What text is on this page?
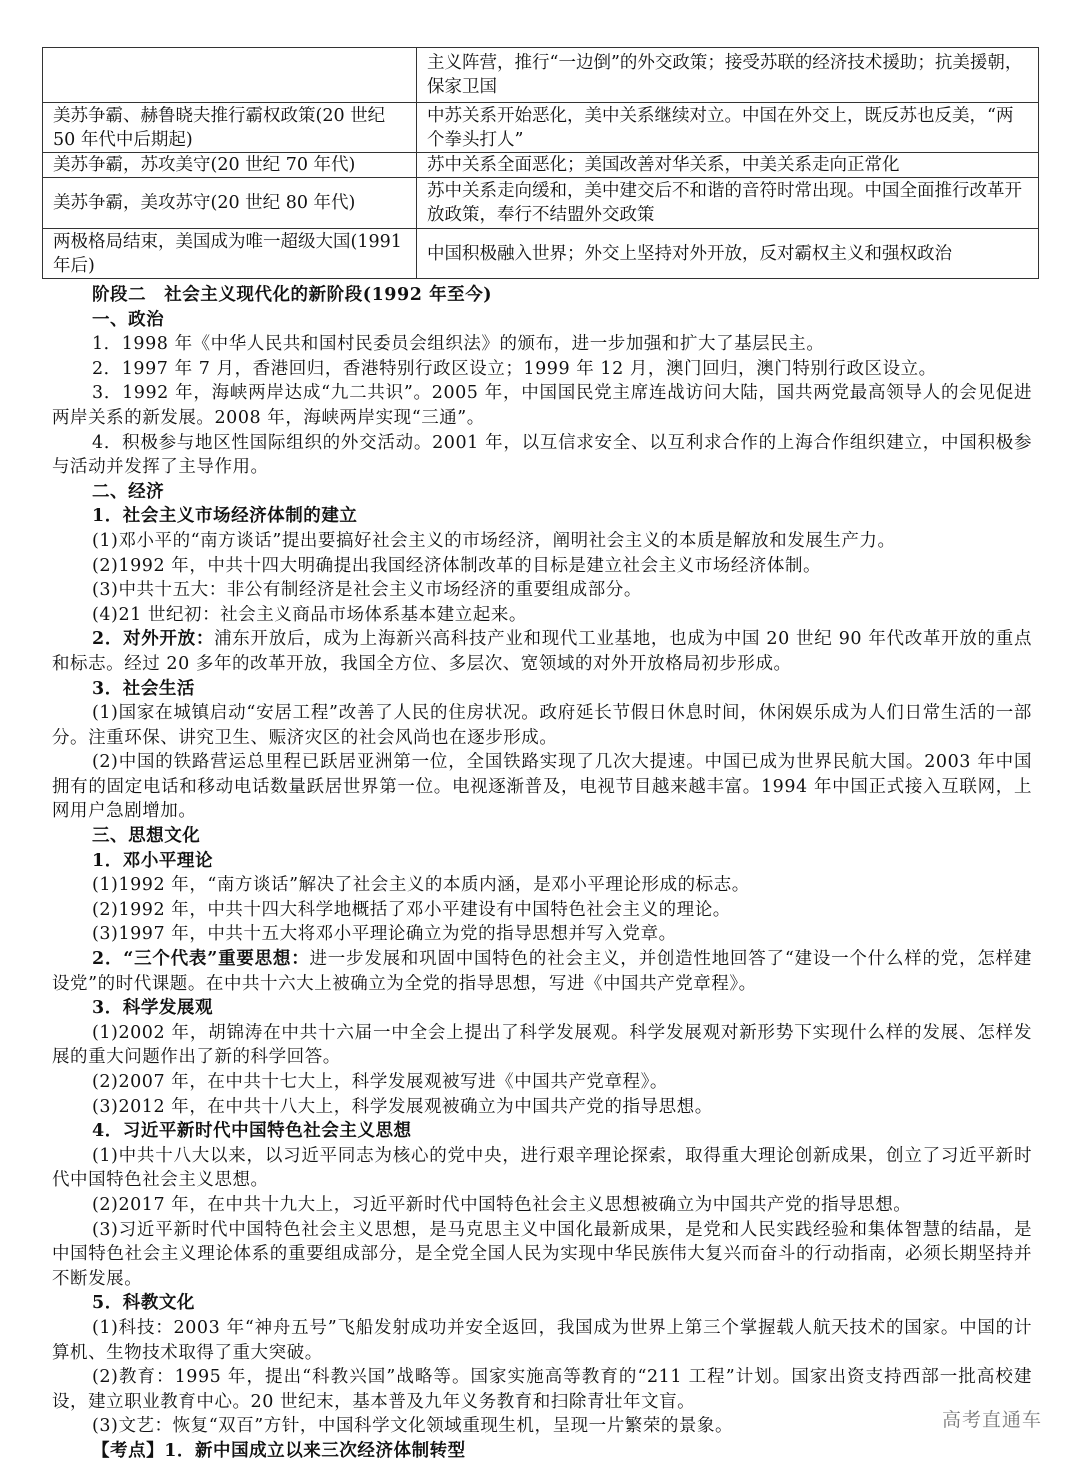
	主义阵营，推行“一边倒”的外交政策；接受苏联的经济技术援助；抗美援朝，保家卫国
美苏争霸、赫鲁晓夫推行霸权政策(20 世纪 50 年代中后期起)	中苏关系开始恶化，美中关系继续对立。中国在外交上，既反苏也反美，“两个拳头打人”
美苏争霸，苏攻美守(20 世纪 70 年代)	苏中关系全面恶化；美国改善对华关系，中美关系走向正常化
美苏争霸，美攻苏守(20 世纪 80 年代)	苏中关系走向缓和，美中建交后不和谐的音符时常出现。中国全面推行改革开放政策，奉行不结盟外交政策
两极格局结束，美国成为唯一超级大国(1991 年后)	中国积极融入世界；外交上坚持对外开放，反对霸权主义和强权政治
阶段二　社会主义现代化的新阶段(1992 年至今)
一、政治
1．1998 年《中华人民共和国村民委员会组织法》的颁布，进一步加强和扩大了基层民主。
2．1997 年 7 月，香港回归，香港特别行政区设立；1999 年 12 月，澳门回归，澳门特别行政区设立。
3．1992 年，海峡两岸达成“九二共识”。2005 年，中国国民党主席连战访问大陆，国共两党最高领导人的会见促进两岸关系的新发展。2008 年，海峡两岸实现“三通”。
4．积极参与地区性国际组织的外交活动。2001 年，以互信求安全、以互利求合作的上海合作组织建立，中国积极参与活动并发挥了主导作用。
二、经济
1．社会主义市场经济体制的建立
(1)邓小平的“南方谈话”提出要搞好社会主义的市场经济，阐明社会主义的本质是解放和发展生产力。
(2)1992 年，中共十四大明确提出我国经济体制改革的目标是建立社会主义市场经济体制。
(3)中共十五大：非公有制经济是社会主义市场经济的重要组成部分。
(4)21 世纪初：社会主义商品市场体系基本建立起来。
2．对外开放：浦东开放后，成为上海新兴高科技产业和现代工业基地，也成为中国 20 世纪 90 年代改革开放的重点和标志。经过 20 多年的改革开放，我国全方位、多层次、宽领域的对外开放格局初步形成。
3．社会生活
(1)国家在城镇启动“安居工程”改善了人民的住房状况。政府延长节假日休息时间，休闲娱乐成为人们日常生活的一部分。注重环保、讲究卫生、赈济灾区的社会风尚也在逐步形成。
(2)中国的铁路营运总里程已跃居亚洲第一位，全国铁路实现了几次大提速。中国已成为世界民航大国。2003 年中国拥有的固定电话和移动电话数量跃居世界第一位。电视逐渐普及，电视节目越来越丰富。1994 年中国正式接入互联网，上网用户急剧增加。
三、思想文化
1．邓小平理论
(1)1992 年，“南方谈话”解决了社会主义的本质内涵，是邓小平理论形成的标志。
(2)1992 年，中共十四大科学地概括了邓小平建设有中国特色社会主义的理论。
(3)1997 年，中共十五大将邓小平理论确立为党的指导思想并写入党章。
2．“三个代表”重要思想：进一步发展和巩固中国特色的社会主义，并创造性地回答了“建设一个什么样的党，怎样建设党”的时代课题。在中共十六大上被确立为全党的指导思想，写进《中国共产党章程》。
3．科学发展观
(1)2002 年，胡锦涛在中共十六届一中全会上提出了科学发展观。科学发展观对新形势下实现什么样的发展、怎样发展的重大问题作出了新的科学回答。
(2)2007 年，在中共十七大上，科学发展观被写进《中国共产党章程》。
(3)2012 年，在中共十八大上，科学发展观被确立为中国共产党的指导思想。
4．习近平新时代中国特色社会主义思想
(1)中共十八大以来，以习近平同志为核心的党中央，进行艰辛理论探索，取得重大理论创新成果，创立了习近平新时代中国特色社会主义思想。
(2)2017 年，在中共十九大上，习近平新时代中国特色社会主义思想被确立为中国共产党的指导思想。
(3)习近平新时代中国特色社会主义思想，是马克思主义中国化最新成果，是党和人民实践经验和集体智慧的结晶，是中国特色社会主义理论体系的重要组成部分，是全党全国人民为实现中华民族伟大复兴而奋斗的行动指南，必须长期坚持并不断发展。
5．科教文化
(1)科技：2003 年“神舟五号”飞船发射成功并安全返回，我国成为世界上第三个掌握载人航天技术的国家。中国的计算机、生物技术取得了重大突破。
(2)教育：1995 年，提出“科教兴国”战略等。国家实施高等教育的“211 工程”计划。国家出资支持西部一批高校建设，建立职业教育中心。20 世纪末，基本普及九年义务教育和扫除青壮年文盲。
(3)文艺：恢复“双百”方针，中国科学文化领域重现生机，呈现一片繁荣的景象。
【考点】1．新中国成立以来三次经济体制转型
高考直通车
